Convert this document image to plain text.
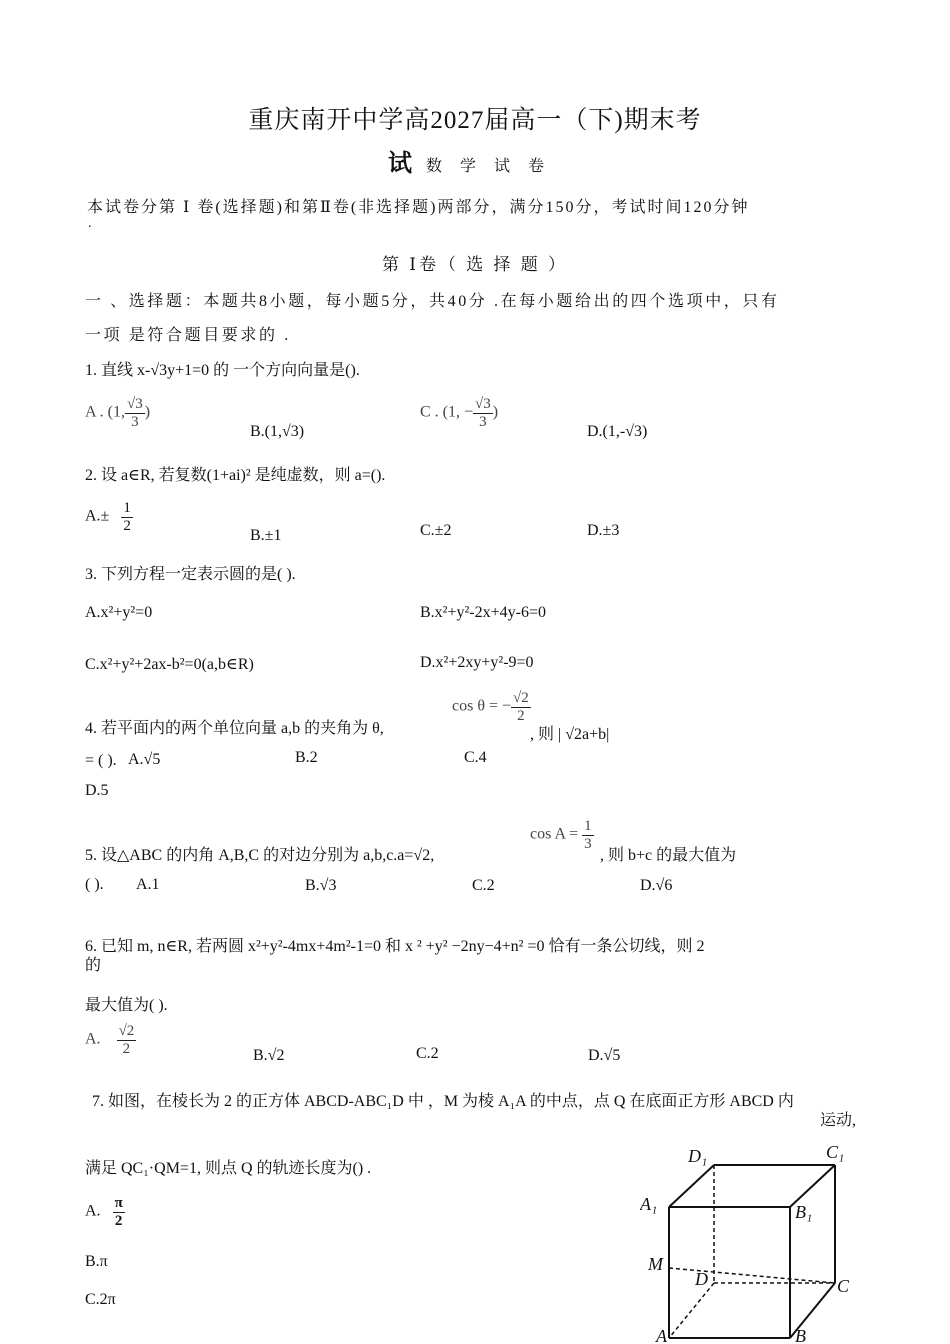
重庆南开中学高2027届高一（下)期末考
试数学试卷
本试卷分第 Ⅰ 卷(选择题)和第Ⅱ卷(非选择题)两部分，满分150分，考试时间120分钟
.
第 Ⅰ卷（ 选 择 题 ）
一 、选择题：本题共8小题，每小题5分，共40分 .在每小题给出的四个选项中，只有
一项 是符合题目要求的 .
1. 直线 x-√3y+1=0 的 一个方向向量是().
A . (1, $\frac{√3}{3}$ )
B.(1,√3)
C . (1, − $\frac{√3}{3}$ )
D.(1,-√3)
2. 设 a∈R, 若复数(1+ai)² 是纯虚数，则 a=().
$A.\pm \frac{1}{2}$
B.±1	C.±2	D.±3
3. 下列方程一定表示圆的是( ).
A.x²+y²=0	B.x²+y²-2x+4y-6=0
C.x²+y²+2ax-b²=0(a,b∈R)	D.x²+2xy+y²-9=0
4. 若平面内的两个单位向量 a,b 的夹角为 θ,
cos θ = − $\frac{√2}{2}$
, 则 | √2a+b|
= ( ). A.√5	B.2	C.4
D.5
5. 设△ABC 的内角 A,B,C 的对边分别为 a,b,c.a=√2,
$\cos A = \frac{1}{3}$
, 则 b+c 的最大值为
( ). A.1	B.√3	C.2	D.√6
6. 已知 m, n∈R, 若两圆 x²+y²-4mx+4m²-1=0 和 x ² +y² −2ny−4+n² =0 恰有一条公切线，则 2
的
最大值为( ).
A. $\frac{√2}{2}$	B.√2	C.2	D.√5
7. 如图，在棱长为 2 的正方体 ABCD-ABC₁D 中 ，M 为棱 A₁A 的中点，点 Q 在底面正方形 ABCD 内
运动,
满足 QC₁·QM=1, 则点 Q 的轨迹长度为() .
A. $\frac{\pi}{2}$
B.π
C.2π
D₁	C₁
A₁	B₁
M
D	C
A	B
